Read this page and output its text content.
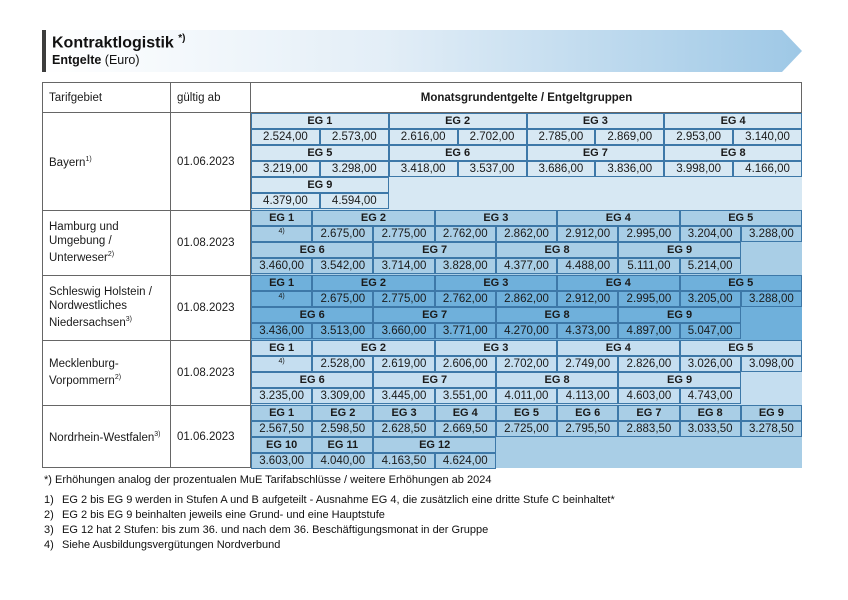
Kontraktlogistik *)
Entgelte (Euro)
Tarifgebiet	gültig ab	Monatsgrundentgelte / Entgeltgruppen
Bayern$^{1)}$	01.06.2023
EG 1	EG 2	EG 3	EG 4
2.524,00	2.573,00	2.616,00	2.702,00	2.785,00	2.869,00	2.953,00	3.140,00
EG 5	EG 6	EG 7	EG 8
3.219,00	3.298,00	3.418,00	3.537,00	3.686,00	3.836,00	3.998,00	4.166,00
EG 9
4.379,00	4.594,00
Hamburg und Umgebung / Unterweser$^{2)}$
01.08.2023
EG 1	EG 2	EG 3	EG 4	EG 5
4)	2.675,00	2.775,00	2.762,00	2.862,00	2.912,00	2.995,00	3.204,00	3.288,00
EG 6	EG 7	EG 8	EG 9
3.460,00	3.542,00	3.714,00	3.828,00	4.377,00	4.488,00	5.111,00	5.214,00
Schleswig Holstein / Nordwestliches Niedersachsen$^{3)}$
01.08.2023
EG 1	EG 2	EG 3	EG 4	EG 5
4)	2.675,00	2.775,00	2.762,00	2.862,00	2.912,00	2.995,00	3.205,00	3.288,00
EG 6	EG 7	EG 8	EG 9
3.436,00	3.513,00	3.660,00	3.771,00	4.270,00	4.373,00	4.897,00	5.047,00
Mecklenburg-Vorpommern$^{2)}$	01.08.2023
EG 1	EG 2	EG 3	EG 4	EG 5
4)	2.528,00	2.619,00	2.606,00	2.702,00	2.749,00	2.826,00	3.026,00	3.098,00
EG 6	EG 7	EG 8	EG 9
3.235,00	3.309,00	3.445,00	3.551,00	4.011,00	4.113,00	4.603,00	4.743,00
Nordrhein-Westfalen$^{3)}$	01.06.2023
EG 1	EG 2	EG 3	EG 4	EG 5	EG 6	EG 7	EG 8	EG 9
2.567,50	2.598,50	2.628,50	2.669,50	2.725,00	2.795,50	2.883,50	3.033,50	3.278,50
EG 10	EG 11	EG 12
3.603,00	4.040,00	4.163,50	4.624,00
*) Erhöhungen analog der prozentualen MuE Tarifabschlüsse / weitere Erhöhungen ab 2024
1) EG 2 bis EG 9 werden in Stufen A und B aufgeteilt - Ausnahme EG 4, die zusätzlich eine dritte Stufe C beinhaltet*
2) EG 2 bis EG 9 beinhalten jeweils eine Grund- und eine Hauptstufe
3) EG 12 hat 2 Stufen: bis zum 36. und nach dem 36. Beschäftigungsmonat in der Gruppe
4) Siehe Ausbildungsvergütungen Nordverbund
